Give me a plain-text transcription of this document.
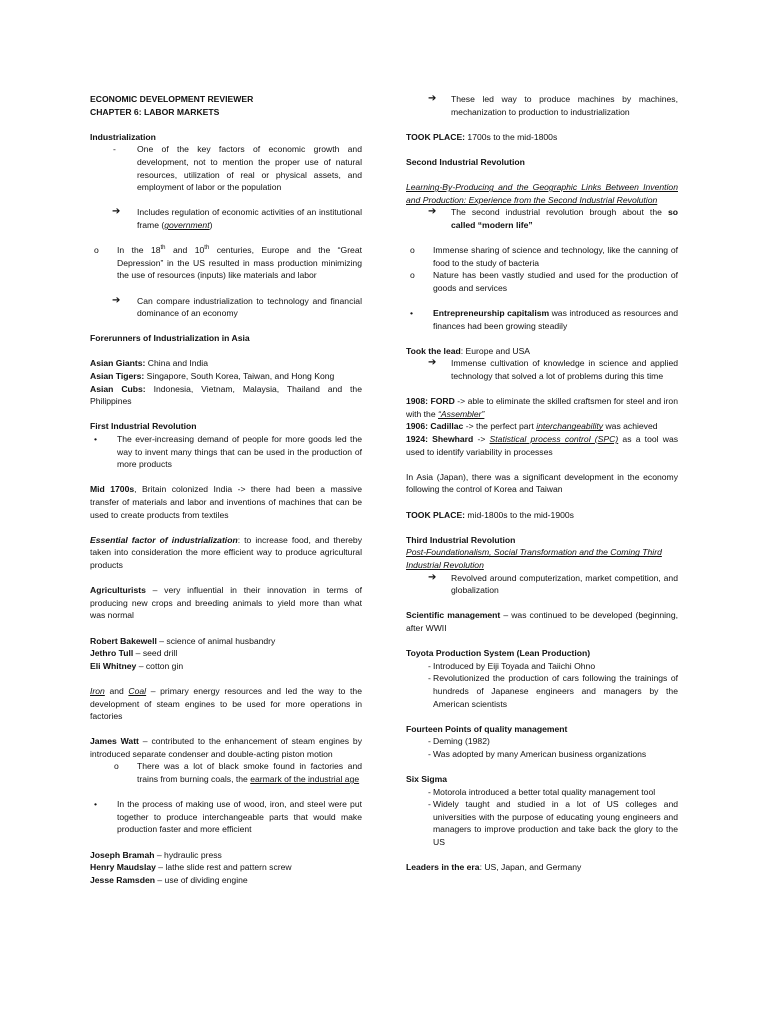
ECONOMIC DEVELOPMENT REVIEWER

CHAPTER 6: LABOR MARKETS

Industrialization

- One of the key factors of economic growth and development, not to mention the proper use of natural resources, utilization of real or physical assets, and employment of labor or the population

➔ Includes regulation of economic activities of an institutional frame (government)

o In the 18th and 10th centuries, Europe and the “Great Depression” in the US resulted in mass production minimizing the use of resources (inputs) like materials and labor

➔ Can compare industrialization to technology and financial dominance of an economy

Forerunners of Industrialization in Asia

Asian Giants: China and India

Asian Tigers: Singapore, South Korea, Taiwan, and Hong Kong

Asian Cubs: Indonesia, Vietnam, Malaysia, Thailand and the Philippines

First Industrial Revolution

• The ever-increasing demand of people for more goods led the way to invent many things that can be used in the production of more products

Mid 1700s, Britain colonized India -> there had been a massive transfer of materials and labor and inventions of machines that can be used to create products from textiles

Essential factor of industrialization: to increase food, and thereby taken into consideration the more efficient way to produce agricultural products

Agriculturists – very influential in their innovation in terms of producing new crops and breeding animals to yield more than what was normal

Robert Bakewell – science of animal husbandry

Jethro Tull – seed drill

Eli Whitney – cotton gin

Iron and Coal – primary energy resources and led the way to the development of steam engines to be used for more operations in factories

James Watt – contributed to the enhancement of steam engines by introduced separate condenser and double-acting piston motion

o There was a lot of black smoke found in factories and trains from burning coals, the earmark of the industrial age

• In the process of making use of wood, iron, and steel were put together to produce interchangeable parts that would make production faster and more efficient

Joseph Bramah – hydraulic press

Henry Maudslay – lathe slide rest and pattern screw

Jesse Ramsden – use of dividing engine

➔ These led way to produce machines by machines, mechanization to production to industrialization

TOOK PLACE: 1700s to the mid-1800s

Second Industrial Revolution

Learning-By-Producing and the Geographic Links Between Invention and Production: Experience from the Second Industrial Revolution

➔ The second industrial revolution brough about the so called “modern life”

o Immense sharing of science and technology, like the canning of food to the study of bacteria

o Nature has been vastly studied and used for the production of goods and services

• Entrepreneurship capitalism was introduced as resources and finances had been growing steadily

Took the lead: Europe and USA

➔ Immense cultivation of knowledge in science and applied technology that solved a lot of problems during this time

1908: FORD -> able to eliminate the skilled craftsmen for steel and iron with the “Assembler”

1906: Cadillac -> the perfect part interchangeability was achieved

1924: Shewhard -> Statistical process control (SPC) as a tool was used to identify variability in processes

In Asia (Japan), there was a significant development in the economy following the control of Korea and Taiwan

TOOK PLACE: mid-1800s to the mid-1900s

Third Industrial Revolution

Post-Foundationalism, Social Transformation and the Coming Third Industrial Revolution

➔ Revolved around computerization, market competition, and globalization

Scientific management – was continued to be developed (beginning, after WWII

Toyota Production System (Lean Production)

- Introduced by Eiji Toyada and Taiichi Ohno

- Revolutionized the production of cars following the trainings of hundreds of Japanese engineers and managers by the American scientists

Fourteen Points of quality management

- Deming (1982)

- Was adopted by many American business organizations

Six Sigma

- Motorola introduced a better total quality management tool

- Widely taught and studied in a lot of US colleges and universities with the purpose of educating young engineers and managers to improve production and take back the glory to the US

Leaders in the era: US, Japan, and Germany
